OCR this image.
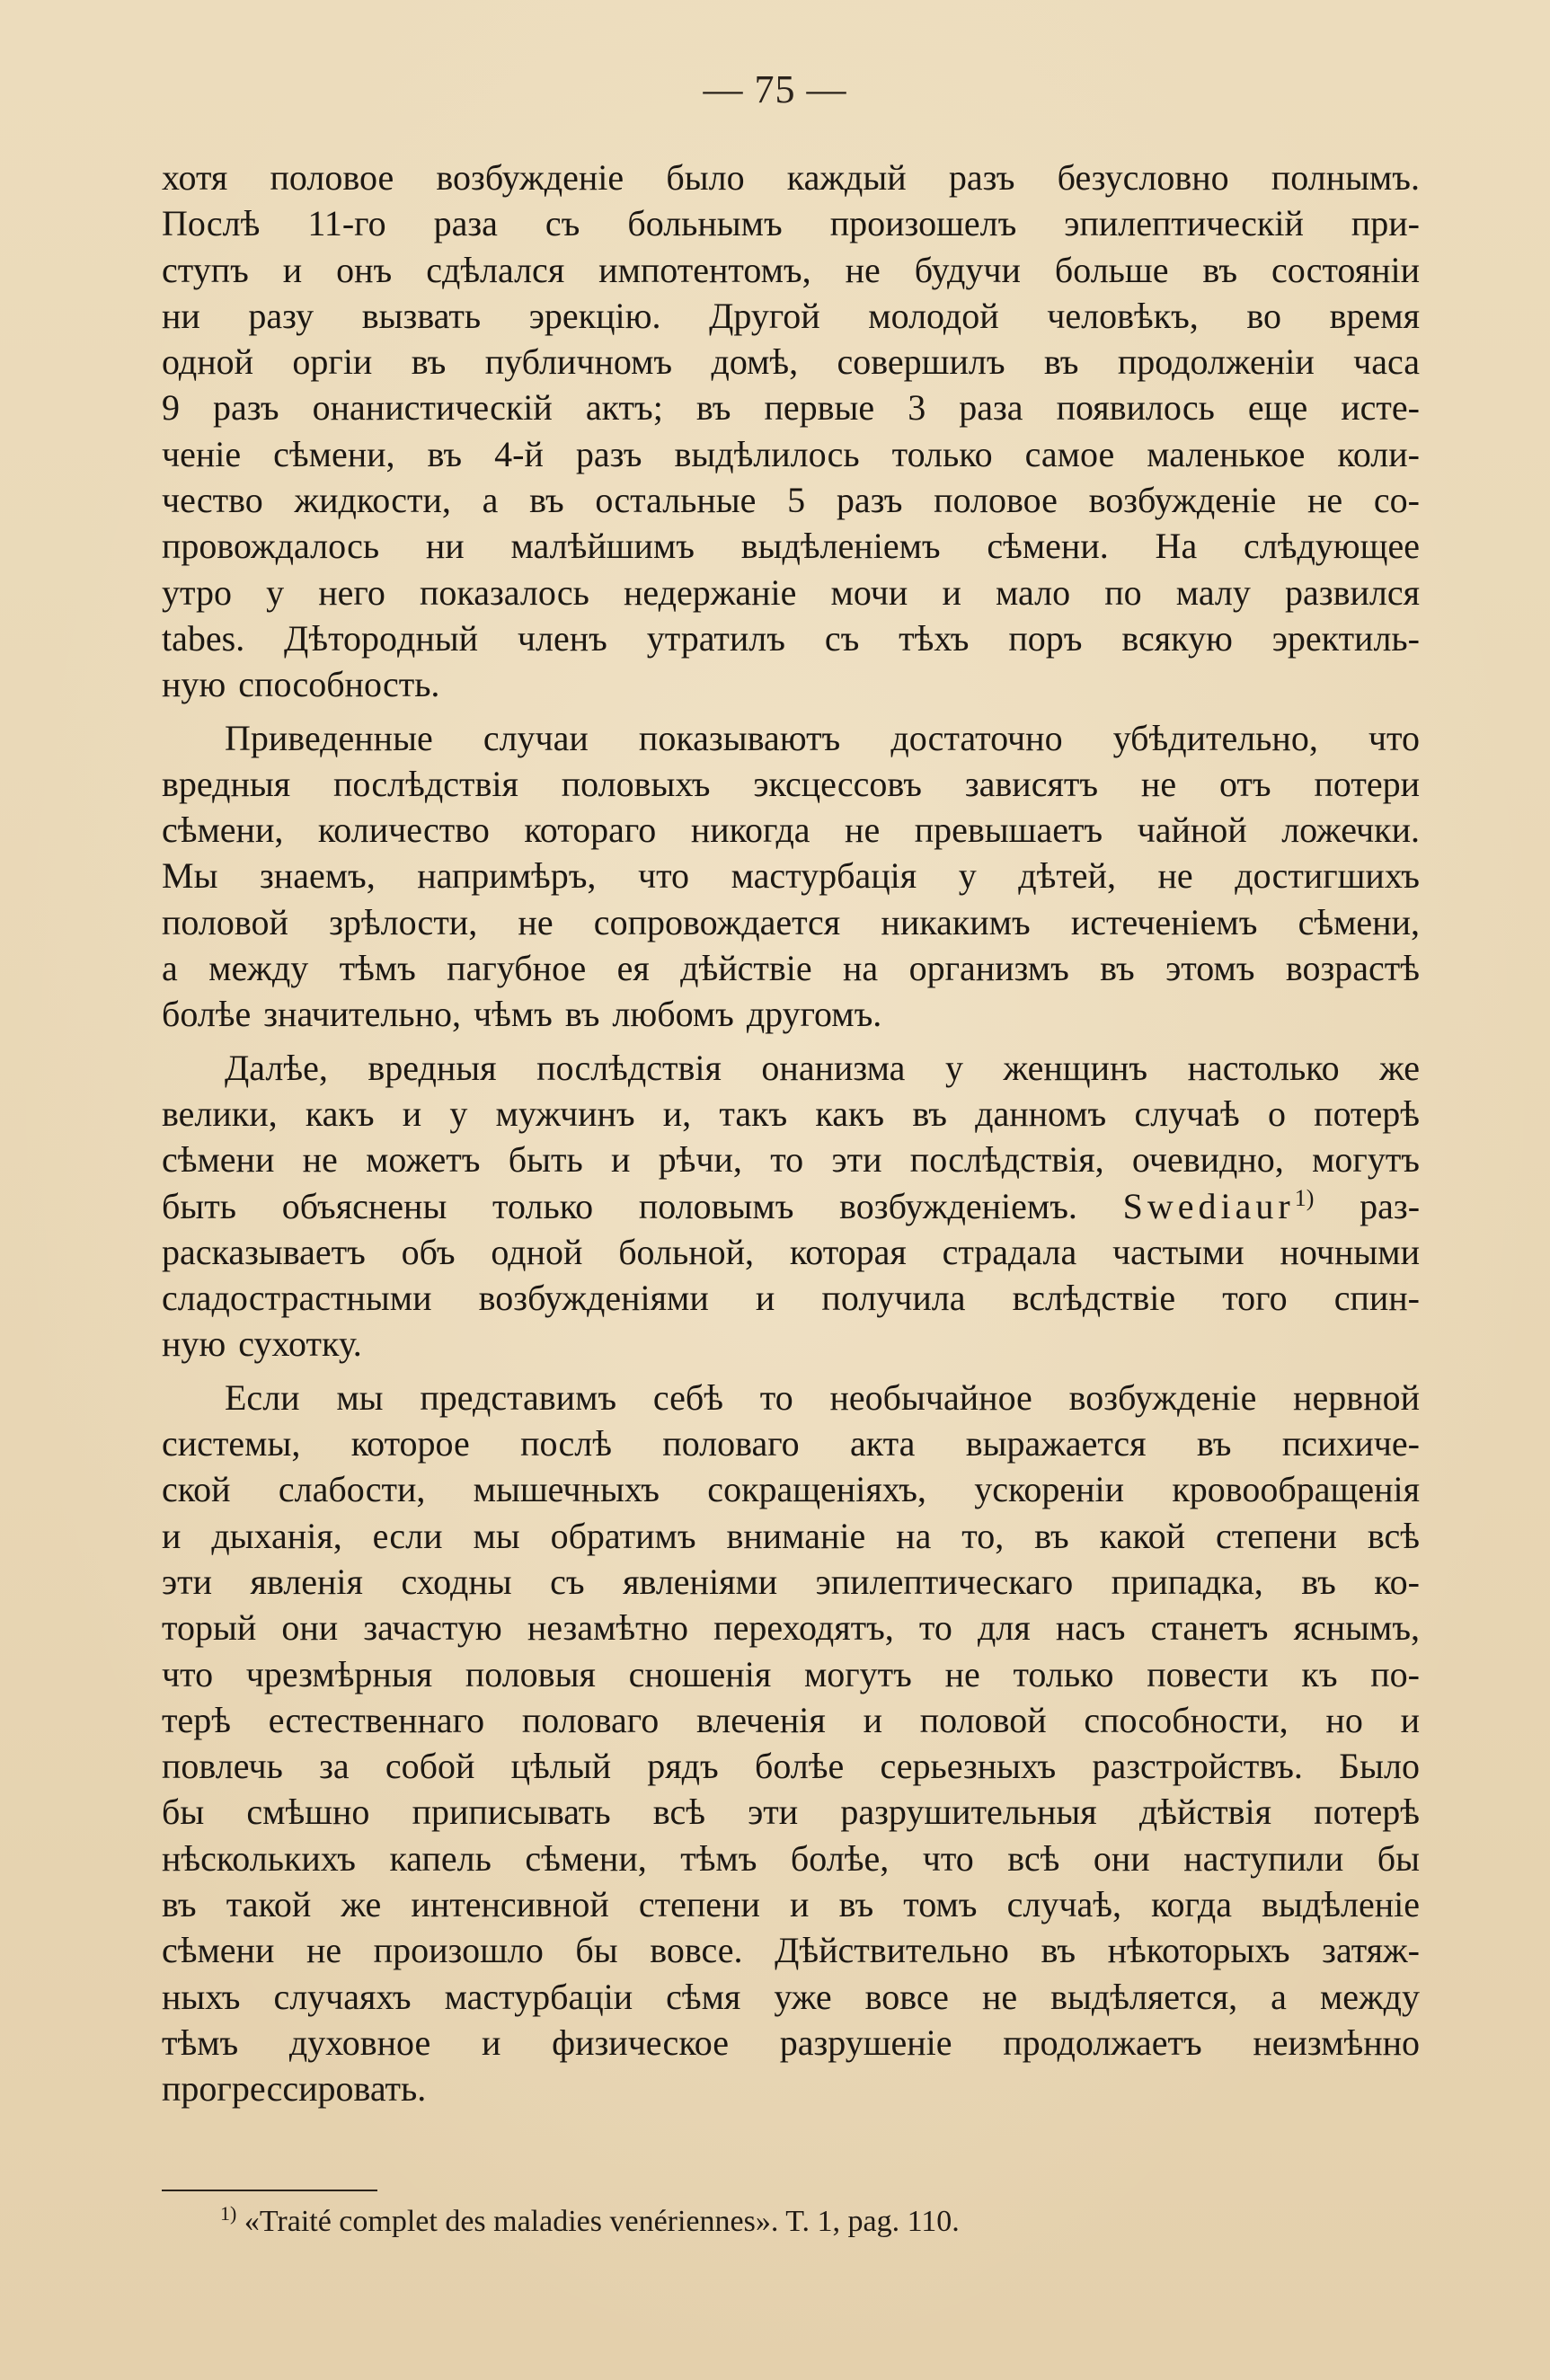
— 75 —

хотя половое возбужденіе было каждый разъ безусловно полнымъ.
Послѣ 11-го раза съ больнымъ произошелъ эпилептическій при-
ступъ и онъ сдѣлался импотентомъ, не будучи больше въ состояніи
ни разу вызвать эрекцію. Другой молодой человѣкъ, во время
одной оргіи въ публичномъ домѣ, совершилъ въ продолженіи часа
9 разъ онанистическій актъ; въ первые 3 раза появилось еще исте-
ченіе сѣмени, въ 4-й разъ выдѣлилось только самое маленькое коли-
чество жидкости, а въ остальные 5 разъ половое возбужденіе не со-
провождалось ни малѣйшимъ выдѣленіемъ сѣмени. На слѣдующее
утро у него показалось недержаніе мочи и мало по малу развился
tabes. Дѣторoдный членъ утратилъ съ тѣхъ поръ всякую эректиль-
ную способность.

Приведенные случаи показываютъ достаточно убѣдительно, что
вредныя послѣдствія половыхъ эксцессовъ зависятъ не отъ потери
сѣмени, количество котораго никогда не превышаетъ чайной ложечки.
Мы знаемъ, напримѣръ, что мастурбація у дѣтей, не достигшихъ
половой зрѣлости, не сопровождается никакимъ истеченіемъ сѣмени,
а между тѣмъ пагубное ея дѣйствіе на организмъ въ этомъ возрастѣ
болѣе значительно, чѣмъ въ любомъ другомъ.

Далѣе, вредныя послѣдствія онанизма у женщинъ настолько же
велики, какъ и у мужчинъ и, такъ какъ въ данномъ случаѣ о потерѣ
сѣмени не можетъ быть и рѣчи, то эти послѣдствія, очевидно, могутъ
быть объяснены только половымъ возбужденіемъ. Swediaur$^{1)}$ раз-
расказываетъ объ одной больной, которая страдала частыми ночными
сладострастными возбужденіями и получила вслѣдствіе того спин-
ную сухотку.

Если мы представимъ себѣ то необычайное возбужденіе нервной
системы, которое послѣ половаго акта выражается въ психиче-
ской слабости, мышечныхъ сокращеніяхъ, ускореніи кровообращенія
и дыханія, если мы обратимъ вниманіе на то, въ какой степени всѣ
эти явленія сходны съ явленіями эпилептическаго припадка, въ ко-
торый они зачастую незамѣтно переходятъ, то для насъ станетъ яснымъ,
что чрезмѣрныя половыя сношенія могутъ не только повести къ по-
терѣ естественнаго половаго влеченія и половой способности, но и
повлечь за собой цѣлый рядъ болѣе серьезныхъ разстройствъ. Было
бы смѣшно приписывать всѣ эти разрушительныя дѣйствія потерѣ
нѣсколькихъ капель сѣмени, тѣмъ болѣе, что всѣ они наступили бы
въ такой же интенсивной степени и въ томъ случаѣ, когда выдѣленіе
сѣмени не произошло бы вовсе. Дѣйствительно въ нѣкоторыхъ затяж-
ныхъ случаяхъ мастурбаціи сѣмя уже вовсе не выдѣляется, а между
тѣмъ духовное и физическое разрушеніе продолжаетъ неизмѣнно
прогрессировать.

$^{1)}$ «Traité complet des maladies venériennes». T. 1, pag. 110.
